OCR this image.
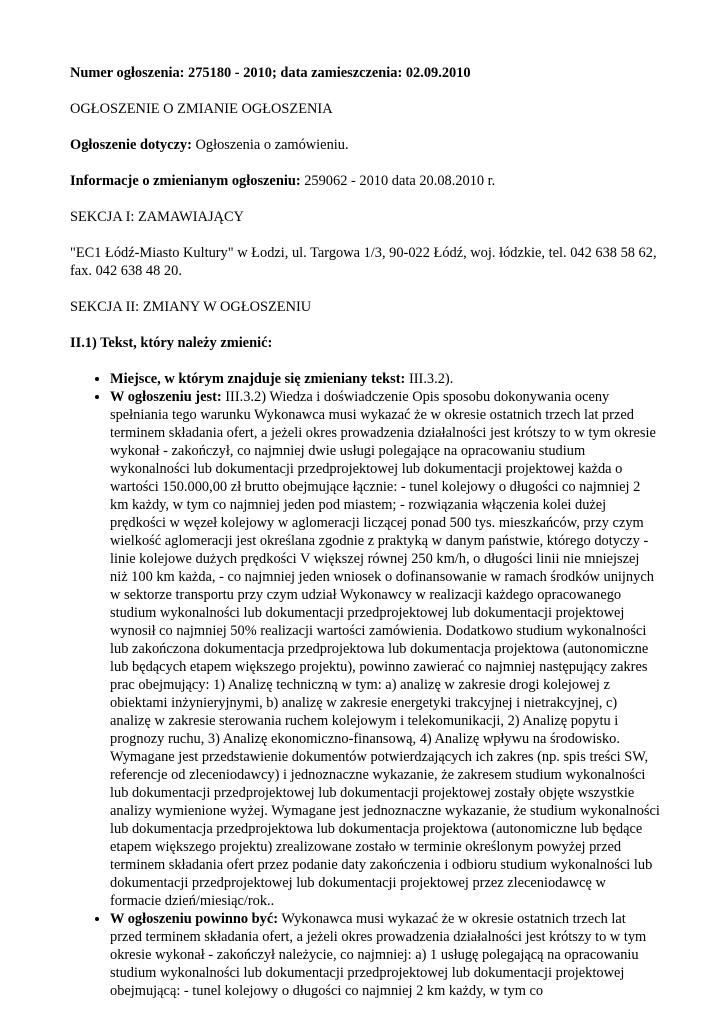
Numer ogłoszenia: 275180 - 2010; data zamieszczenia: 02.09.2010

OGŁOSZENIE O ZMIANIE OGŁOSZENIA

Ogłoszenie dotyczy: Ogłoszenia o zamówieniu.

Informacje o zmienianym ogłoszeniu: 259062 - 2010 data 20.08.2010 r.

SEKCJA I: ZAMAWIAJĄCY

"EC1 Łódź-Miasto Kultury" w Łodzi, ul. Targowa 1/3, 90-022 Łódź, woj. łódzkie, tel. 042 638 58 62, fax. 042 638 48 20.

SEKCJA II: ZMIANY W OGŁOSZENIU

II.1) Tekst, który należy zmienić:

• Miejsce, w którym znajduje się zmieniany tekst: III.3.2).
• W ogłoszeniu jest: III.3.2) Wiedza i doświadczenie Opis sposobu dokonywania oceny spełniania tego warunku Wykonawca musi wykazać że w okresie ostatnich trzech lat przed terminem składania ofert, a jeżeli okres prowadzenia działalności jest krótszy to w tym okresie wykonał - zakończył, co najmniej dwie usługi polegające na opracowaniu studium wykonalności lub dokumentacji przedprojektowej lub dokumentacji projektowej każda o wartości 150.000,00 zł brutto obejmujące łącznie: - tunel kolejowy o długości co najmniej 2 km każdy, w tym co najmniej jeden pod miastem; - rozwiązania włączenia kolei dużej prędkości w węzeł kolejowy w aglomeracji liczącej ponad 500 tys. mieszkańców, przy czym wielkość aglomeracji jest określana zgodnie z praktyką w danym państwie, którego dotyczy - linie kolejowe dużych prędkości V większej równej 250 km/h, o długości linii nie mniejszej niż 100 km każda, - co najmniej jeden wniosek o dofinansowanie w ramach środków unijnych w sektorze transportu przy czym udział Wykonawcy w realizacji każdego opracowanego studium wykonalności lub dokumentacji przedprojektowej lub dokumentacji projektowej wynosił co najmniej 50% realizacji wartości zamówienia. Dodatkowo studium wykonalności lub zakończona dokumentacja przedprojektowa lub dokumentacja projektowa (autonomiczne lub będących etapem większego projektu), powinno zawierać co najmniej następujący zakres prac obejmujący: 1) Analizę techniczną w tym: a) analizę w zakresie drogi kolejowej z obiektami inżynieryjnymi, b) analizę w zakresie energetyki trakcyjnej i nietrakcyjnej, c) analizę w zakresie sterowania ruchem kolejowym i telekomunikacji, 2) Analizę popytu i prognozy ruchu, 3) Analizę ekonomiczno-finansową, 4) Analizę wpływu na środowisko. Wymagane jest przedstawienie dokumentów potwierdzających ich zakres (np. spis treści SW, referencje od zleceniodawcy) i jednoznaczne wykazanie, że zakresem studium wykonalności lub dokumentacji przedprojektowej lub dokumentacji projektowej zostały objęte wszystkie analizy wymienione wyżej. Wymagane jest jednoznaczne wykazanie, że studium wykonalności lub dokumentacja przedprojektowa lub dokumentacja projektowa (autonomiczne lub będące etapem większego projektu) zrealizowane zostało w terminie określonym powyżej przed terminem składania ofert przez podanie daty zakończenia i odbioru studium wykonalności lub dokumentacji przedprojektowej lub dokumentacji projektowej przez zleceniodawcę w formacie dzień/miesiąc/rok..
• W ogłoszeniu powinno być: Wykonawca musi wykazać że w okresie ostatnich trzech lat przed terminem składania ofert, a jeżeli okres prowadzenia działalności jest krótszy to w tym okresie wykonał - zakończył należycie, co najmniej: a) 1 usługę polegającą na opracowaniu studium wykonalności lub dokumentacji przedprojektowej lub dokumentacji projektowej obejmującą: - tunel kolejowy o długości co najmniej 2 km każdy, w tym co
